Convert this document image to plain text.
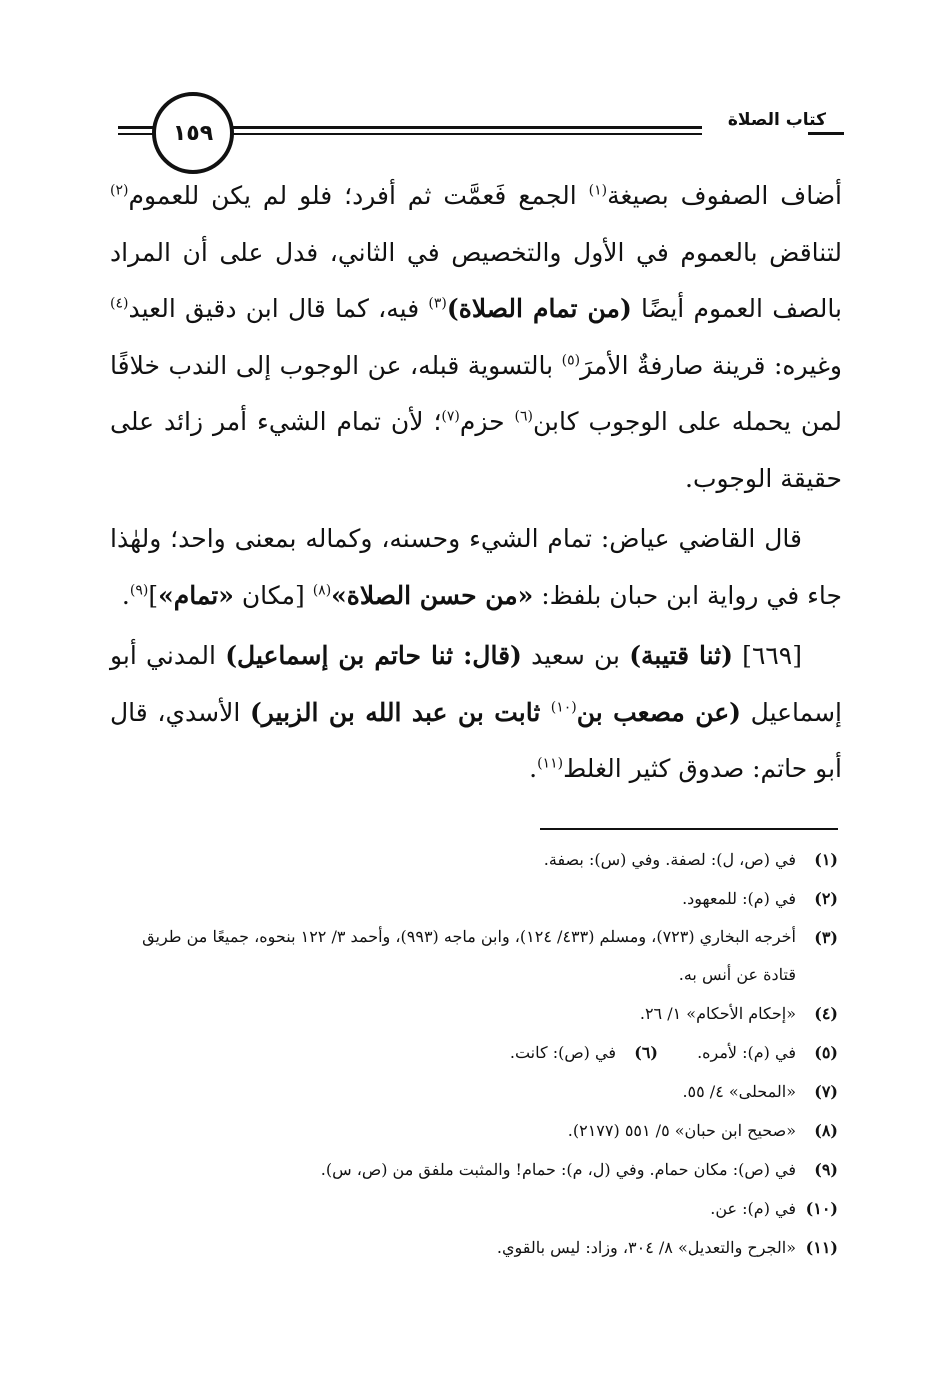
١٥٩
كتاب الصلاة

أضاف الصفوف بصيغة$^{(١)}$ الجمع فَعمَّت ثم أفرد؛ فلو لم يكن للعموم$^{(٢)}$ لتناقض بالعموم في الأول والتخصيص في الثاني، فدل على أن المراد بالصف العموم أيضًا (من تمام الصلاة)$^{(٣)}$ فيه، كما قال ابن دقيق العيد$^{(٤)}$ وغيره: قرينة صارفةٌ الأمرَ$^{(٥)}$ بالتسوية قبله، عن الوجوب إلى الندب خلافًا لمن يحمله على الوجوب كابن$^{(٦)}$ حزم$^{(٧)}$؛ لأن تمام الشيء أمر زائد على حقيقة الوجوب.

قال القاضي عياض: تمام الشيء وحسنه، وكماله بمعنى واحد؛ ولهٰذا جاء في رواية ابن حبان بلفظ: «من حسن الصلاة»$^{(٨)}$ [مكان «تمام»]$^{(٩)}$.

[٦٦٩] (ثنا قتيبة) بن سعيد (قال: ثنا حاتم بن إسماعيل) المدني أبو إسماعيل (عن مصعب بن$^{(١٠)}$ ثابت بن عبد الله بن الزبير) الأسدي، قال أبو حاتم: صدوق كثير الغلط$^{(١١)}$.

(١)
في (ص، ل): لصفة. وفي (س): بصفة.
(٢)
في (م): للمعهود.
(٣)
أخرجه البخاري (٧٢٣)، ومسلم (٤٣٣/ ١٢٤)، وابن ماجه (٩٩٣)، وأحمد ٣/ ١٢٢ بنحوه، جميعًا من طريق قتادة عن أنس به.
(٤)
«إحكام الأحكام» ١/ ٢٦.
(٥)
في (م): لأمره.
(٦)
في (ص): كانت.
(٧)
«المحلى» ٤/ ٥٥.
(٨)
«صحيح ابن حبان» ٥/ ٥٥١ (٢١٧٧).
(٩)
في (ص): مكان حمام. وفي (ل، م): حمام! والمثبت ملفق من (ص، س).
(١٠)
في (م): عن.
(١١)
«الجرح والتعديل» ٨/ ٣٠٤، وزاد: ليس بالقوي.
